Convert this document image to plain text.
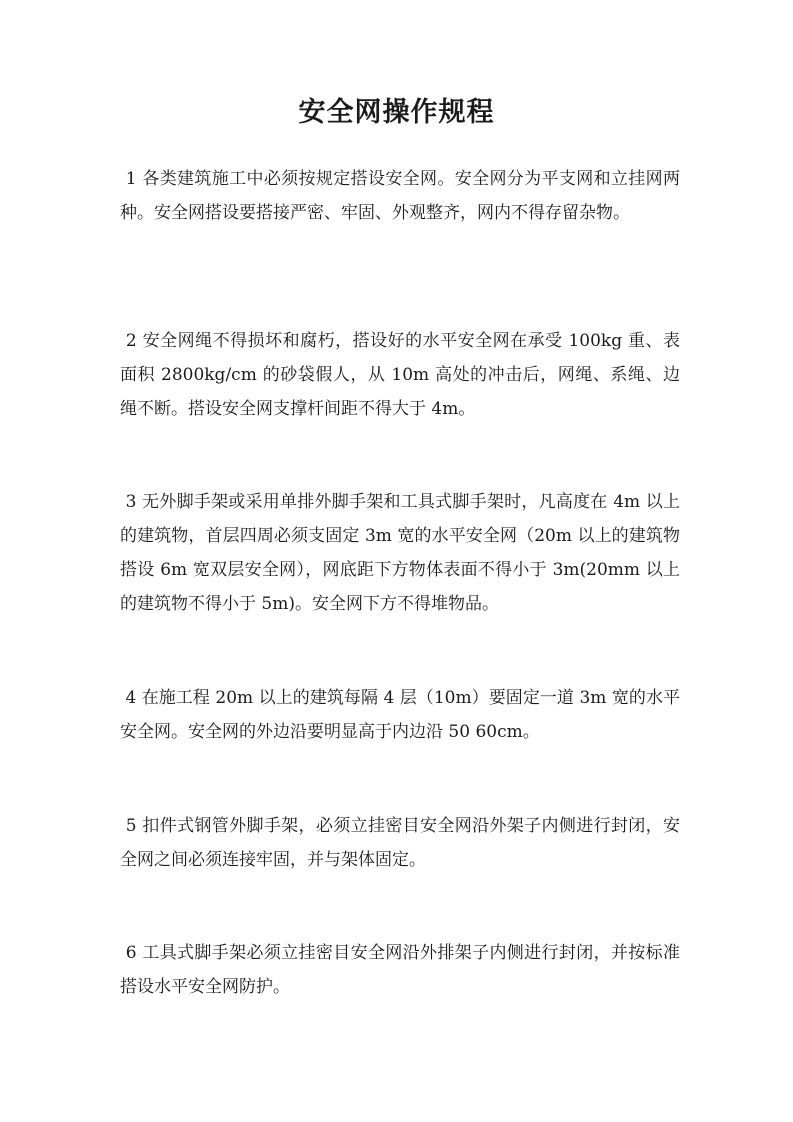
安全网操作规程
1 各类建筑施工中必须按规定搭设安全网。安全网分为平支网和立挂网两种。安全网搭设要搭接严密、牢固、外观整齐，网内不得存留杂物。
2 安全网绳不得损坏和腐朽，搭设好的水平安全网在承受 100kg 重、表面积 2800kg/cm 的砂袋假人，从 10m 高处的冲击后，网绳、系绳、边绳不断。搭设安全网支撑杆间距不得大于 4m。
3 无外脚手架或采用单排外脚手架和工具式脚手架时，凡高度在 4m 以上的建筑物，首层四周必须支固定 3m 宽的水平安全网（20m 以上的建筑物搭设 6m 宽双层安全网），网底距下方物体表面不得小于 3m(20mm 以上的建筑物不得小于 5m)。安全网下方不得堆物品。
4 在施工程 20m 以上的建筑每隔 4 层（10m）要固定一道 3m 宽的水平安全网。安全网的外边沿要明显高于内边沿 50 60cm。
5 扣件式钢管外脚手架，必须立挂密目安全网沿外架子内侧进行封闭，安全网之间必须连接牢固，并与架体固定。
6 工具式脚手架必须立挂密目安全网沿外排架子内侧进行封闭，并按标准搭设水平安全网防护。
